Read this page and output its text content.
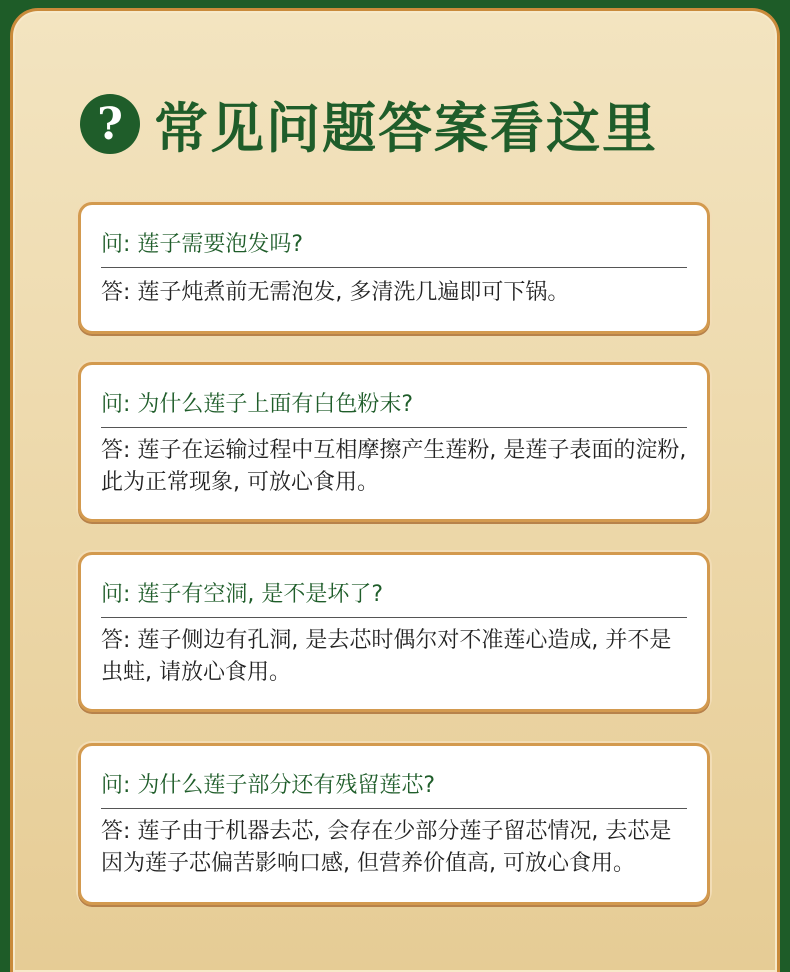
? 常见问题答案看这里
问: 莲子需要泡发吗?
答: 莲子炖煮前无需泡发, 多清洗几遍即可下锅。
问: 为什么莲子上面有白色粉末?
答: 莲子在运输过程中互相摩擦产生莲粉, 是莲子表面的淀粉, 此为正常现象, 可放心食用。
问: 莲子有空洞, 是不是坏了?
答: 莲子侧边有孔洞, 是去芯时偶尔对不准莲心造成, 并不是虫蛀, 请放心食用。
问: 为什么莲子部分还有残留莲芯?
答: 莲子由于机器去芯, 会存在少部分莲子留芯情况, 去芯是因为莲子芯偏苦影响口感, 但营养价值高, 可放心食用。
